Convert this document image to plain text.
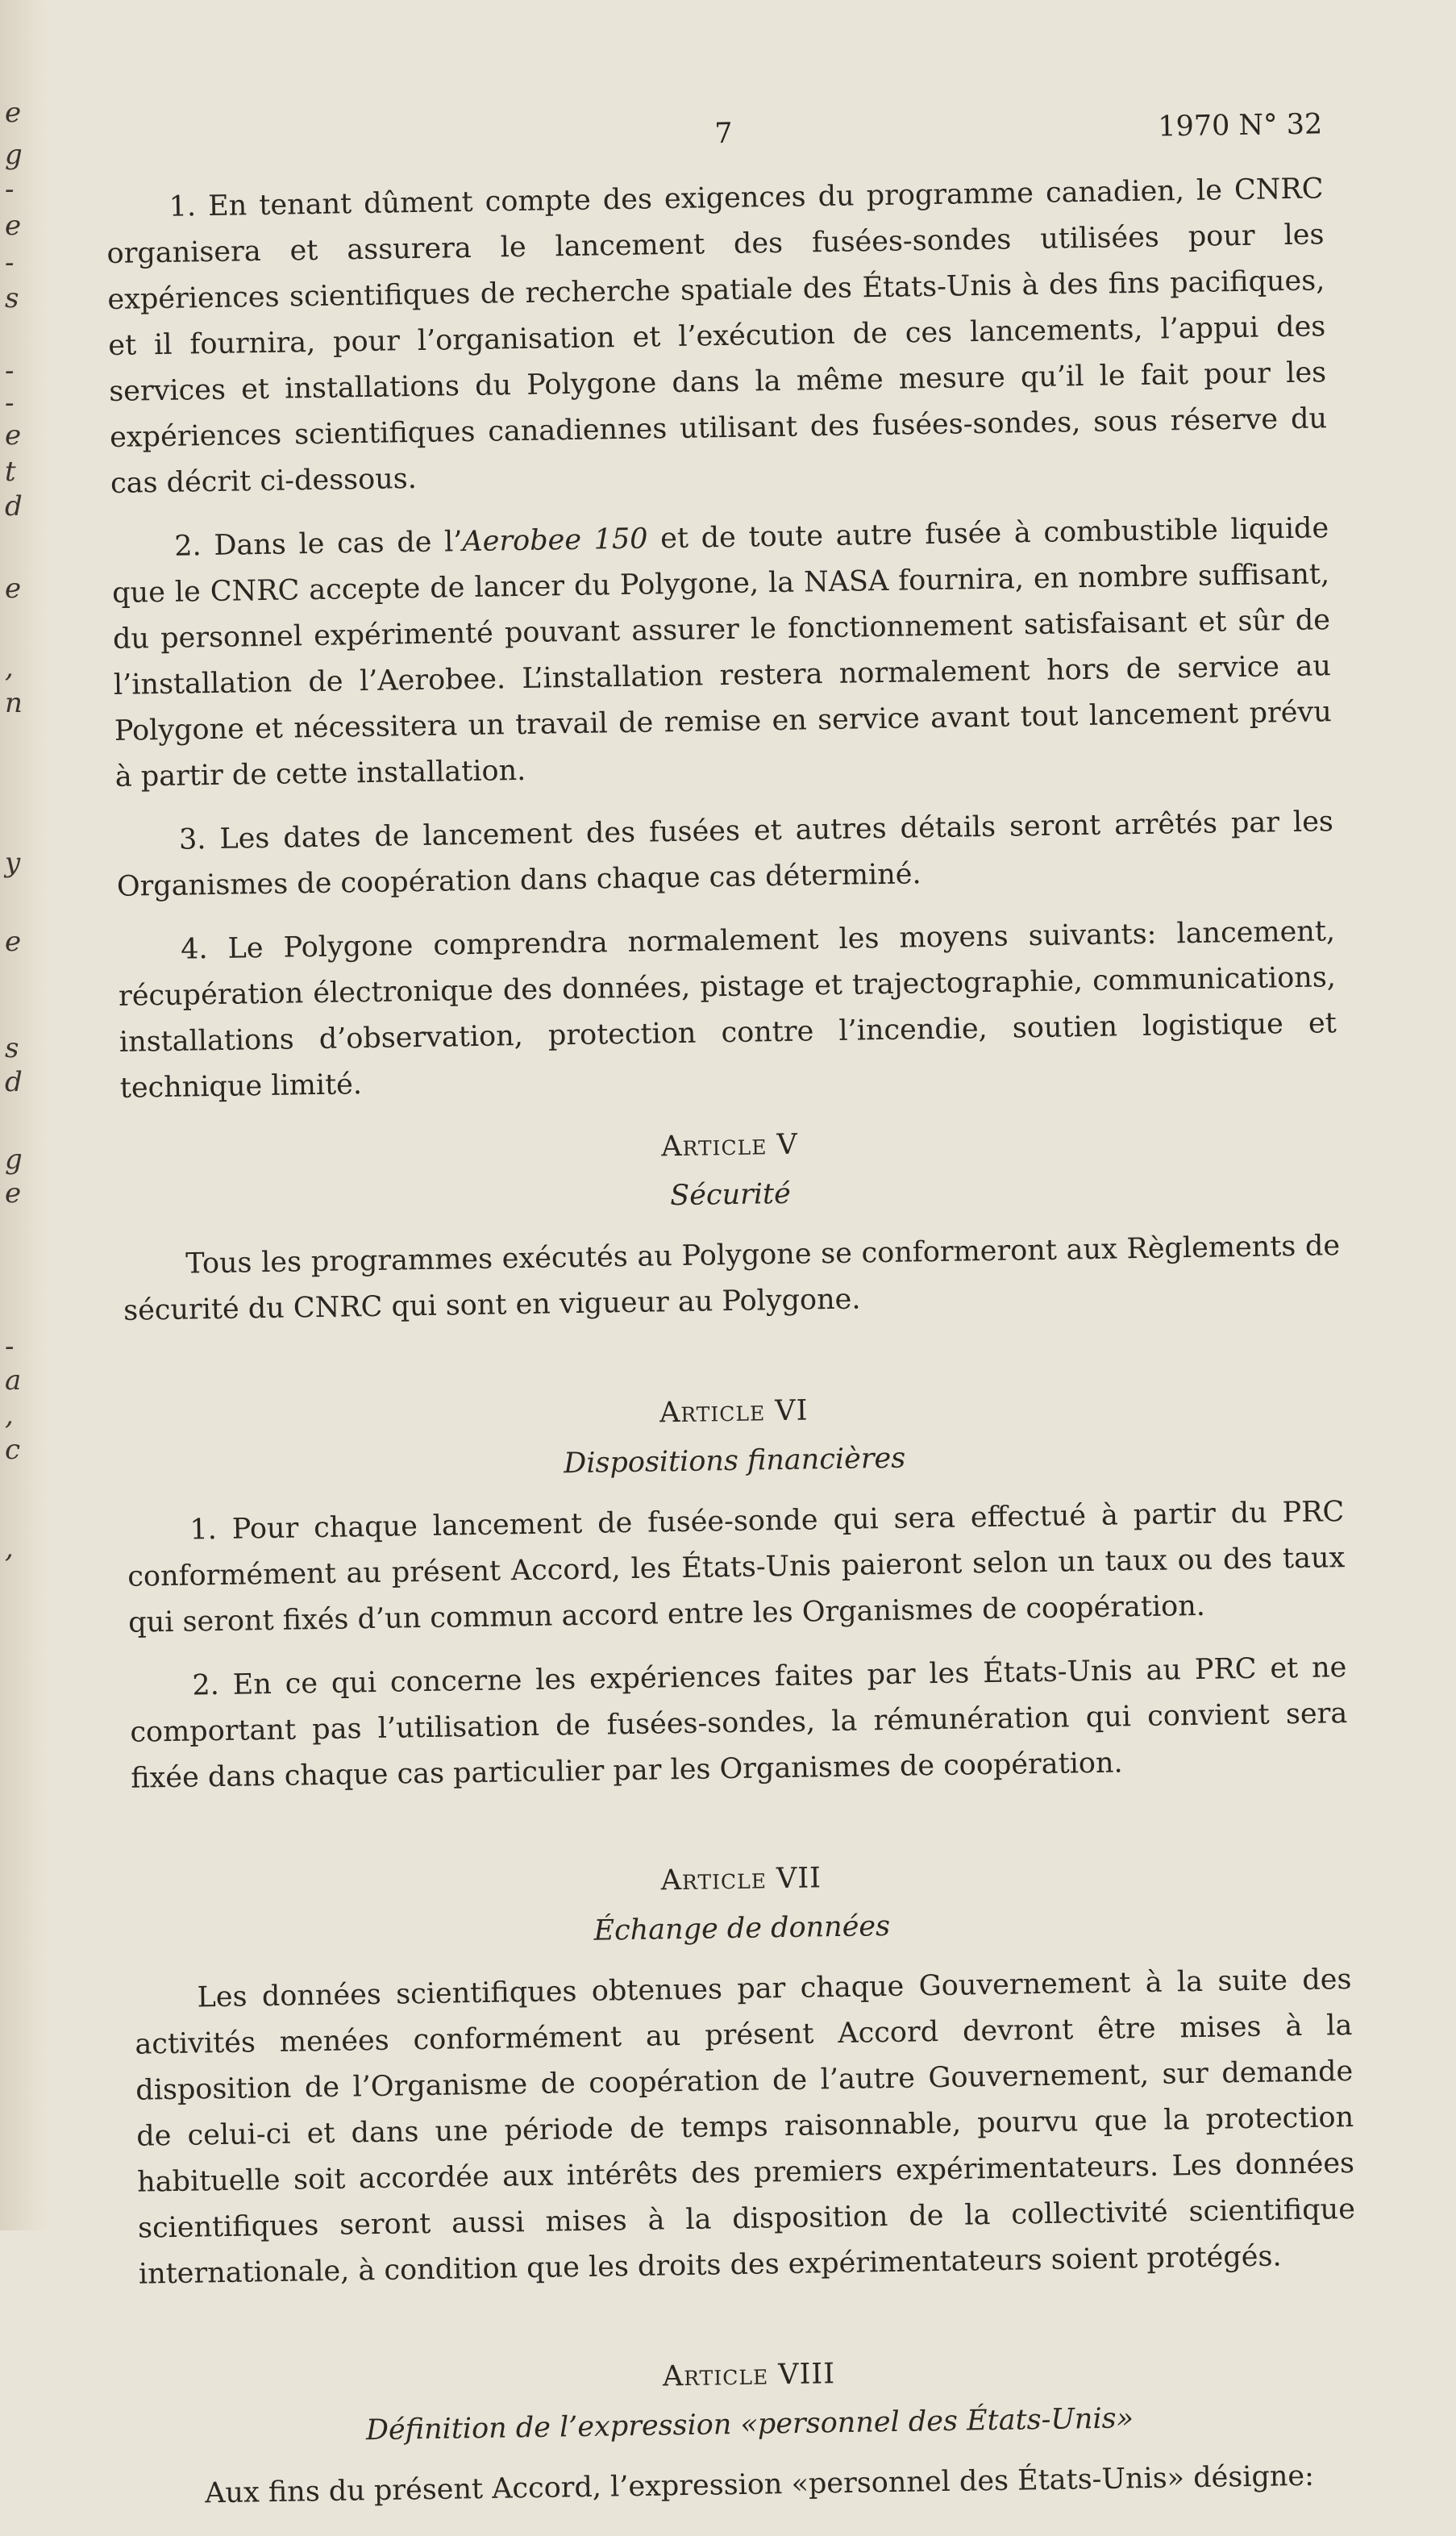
e
g
-
e
-
s
-
-
e
t
d
e
,
n
y
e
s
d
g
e
-
a
,
c
,
7	1970 N° 32

1. En tenant dûment compte des exigences du programme canadien, le CNRC organisera et assurera le lancement des fusées-sondes utilisées pour les expériences scientifiques de recherche spatiale des États-Unis à des fins pacifiques, et il fournira, pour l’organisation et l’exécution de ces lancements, l’appui des services et installations du Polygone dans la même mesure qu’il le fait pour les expériences scientifiques canadiennes utilisant des fusées-sondes, sous réserve du cas décrit ci-dessous.

2. Dans le cas de l’Aerobee 150 et de toute autre fusée à combustible liquide que le CNRC accepte de lancer du Polygone, la NASA fournira, en nombre suffisant, du personnel expérimenté pouvant assurer le fonctionnement satisfaisant et sûr de l’installation de l’Aerobee. L’installation restera normalement hors de service au Polygone et nécessitera un travail de remise en service avant tout lancement prévu à partir de cette installation.

3. Les dates de lancement des fusées et autres détails seront arrêtés par les Organismes de coopération dans chaque cas déterminé.

4. Le Polygone comprendra normalement les moyens suivants: lancement, récupération électronique des données, pistage et trajectographie, communications, installations d’observation, protection contre l’incendie, soutien logistique et technique limité.

Article V
Sécurité

Tous les programmes exécutés au Polygone se conformeront aux Règlements de sécurité du CNRC qui sont en vigueur au Polygone.

Article VI
Dispositions financières

1. Pour chaque lancement de fusée-sonde qui sera effectué à partir du PRC conformément au présent Accord, les États-Unis paieront selon un taux ou des taux qui seront fixés d’un commun accord entre les Organismes de coopération.

2. En ce qui concerne les expériences faites par les États-Unis au PRC et ne comportant pas l’utilisation de fusées-sondes, la rémunération qui convient sera fixée dans chaque cas particulier par les Organismes de coopération.

Article VII
Échange de données

Les données scientifiques obtenues par chaque Gouvernement à la suite des activités menées conformément au présent Accord devront être mises à la disposition de l’Organisme de coopération de l’autre Gouvernement, sur demande de celui-ci et dans une période de temps raisonnable, pourvu que la protection habituelle soit accordée aux intérêts des premiers expérimentateurs. Les données scientifiques seront aussi mises à la disposition de la collectivité scientifique internationale, à condition que les droits des expérimentateurs soient protégés.

Article VIII
Définition de l’expression «personnel des États-Unis»

Aux fins du présent Accord, l’expression «personnel des États-Unis» désigne:
